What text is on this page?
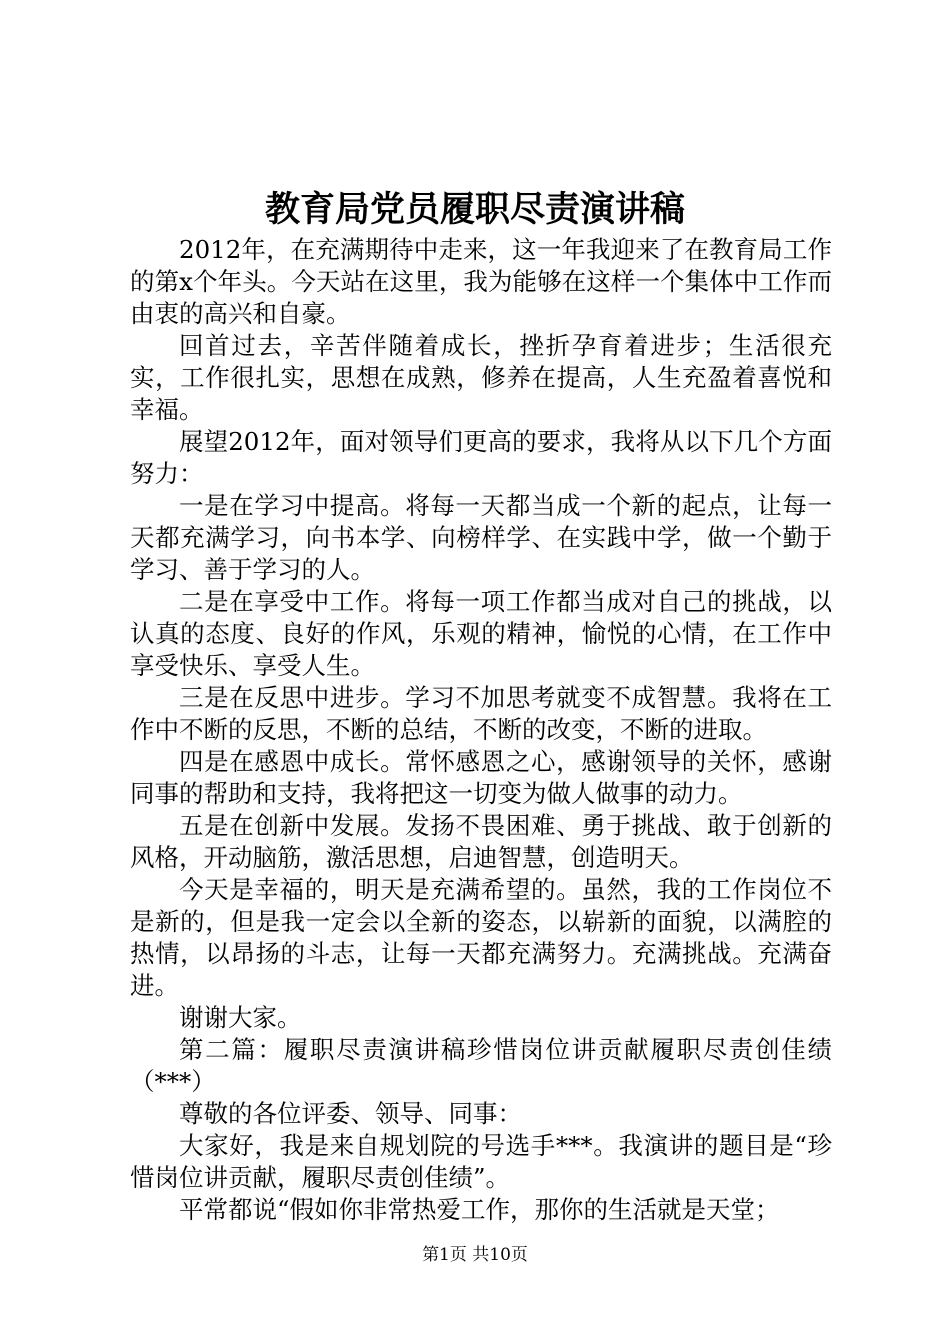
教育局党员履职尽责演讲稿

2012年，在充满期待中走来，这一年我迎来了在教育局工作的第x个年头。今天站在这里，我为能够在这样一个集体中工作而由衷的高兴和自豪。

回首过去，辛苦伴随着成长，挫折孕育着进步；生活很充实，工作很扎实，思想在成熟，修养在提高，人生充盈着喜悦和幸福。

展望2012年，面对领导们更高的要求，我将从以下几个方面努力：

一是在学习中提高。将每一天都当成一个新的起点，让每一天都充满学习，向书本学、向榜样学、在实践中学，做一个勤于学习、善于学习的人。

二是在享受中工作。将每一项工作都当成对自己的挑战，以认真的态度、良好的作风，乐观的精神，愉悦的心情，在工作中享受快乐、享受人生。

三是在反思中进步。学习不加思考就变不成智慧。我将在工作中不断的反思，不断的总结，不断的改变，不断的进取。

四是在感恩中成长。常怀感恩之心，感谢领导的关怀，感谢同事的帮助和支持，我将把这一切变为做人做事的动力。

五是在创新中发展。发扬不畏困难、勇于挑战、敢于创新的风格，开动脑筋，激活思想，启迪智慧，创造明天。

今天是幸福的，明天是充满希望的。虽然，我的工作岗位不是新的，但是我一定会以全新的姿态，以崭新的面貌，以满腔的热情，以昂扬的斗志，让每一天都充满努力。充满挑战。充满奋进。

谢谢大家。

第二篇：履职尽责演讲稿珍惜岗位讲贡献履职尽责创佳绩（***）

尊敬的各位评委、领导、同事：

大家好，我是来自规划院的号选手***。我演讲的题目是“珍惜岗位讲贡献，履职尽责创佳绩”。

平常都说“假如你非常热爱工作，那你的生活就是天堂；

第1页 共10页
